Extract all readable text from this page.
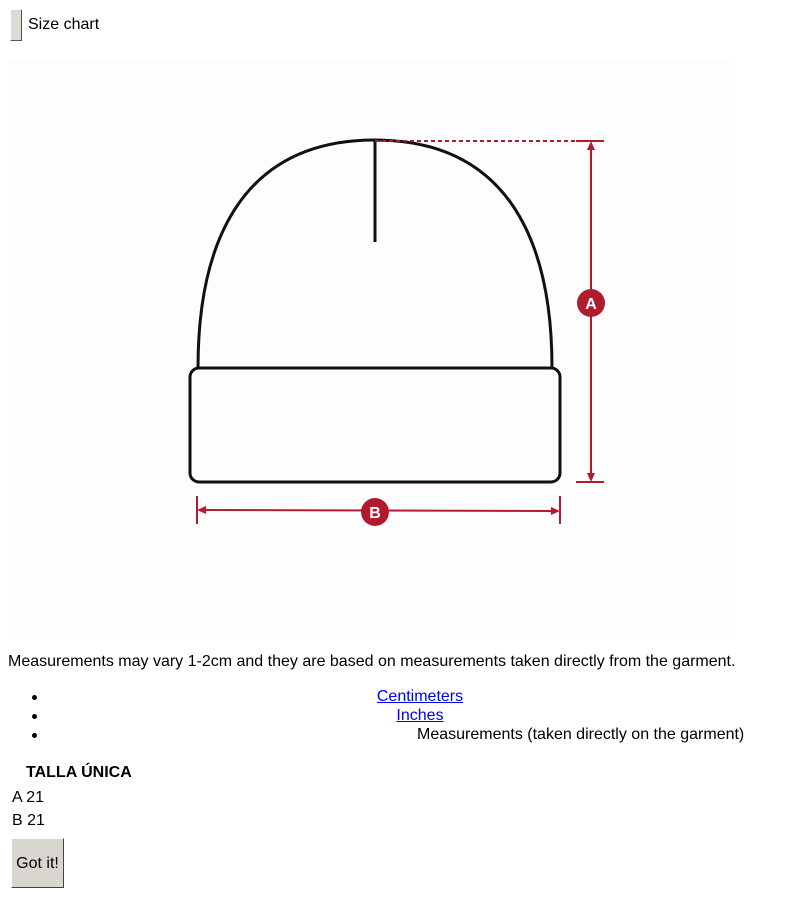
Size chart
A
B
Measurements may vary 1-2cm and they are based on measurements taken directly from the garment.
Centimeters
Inches
Measurements (taken directly on the garment)
TALLA ÚNICA
A 21
B 21
Got it!
